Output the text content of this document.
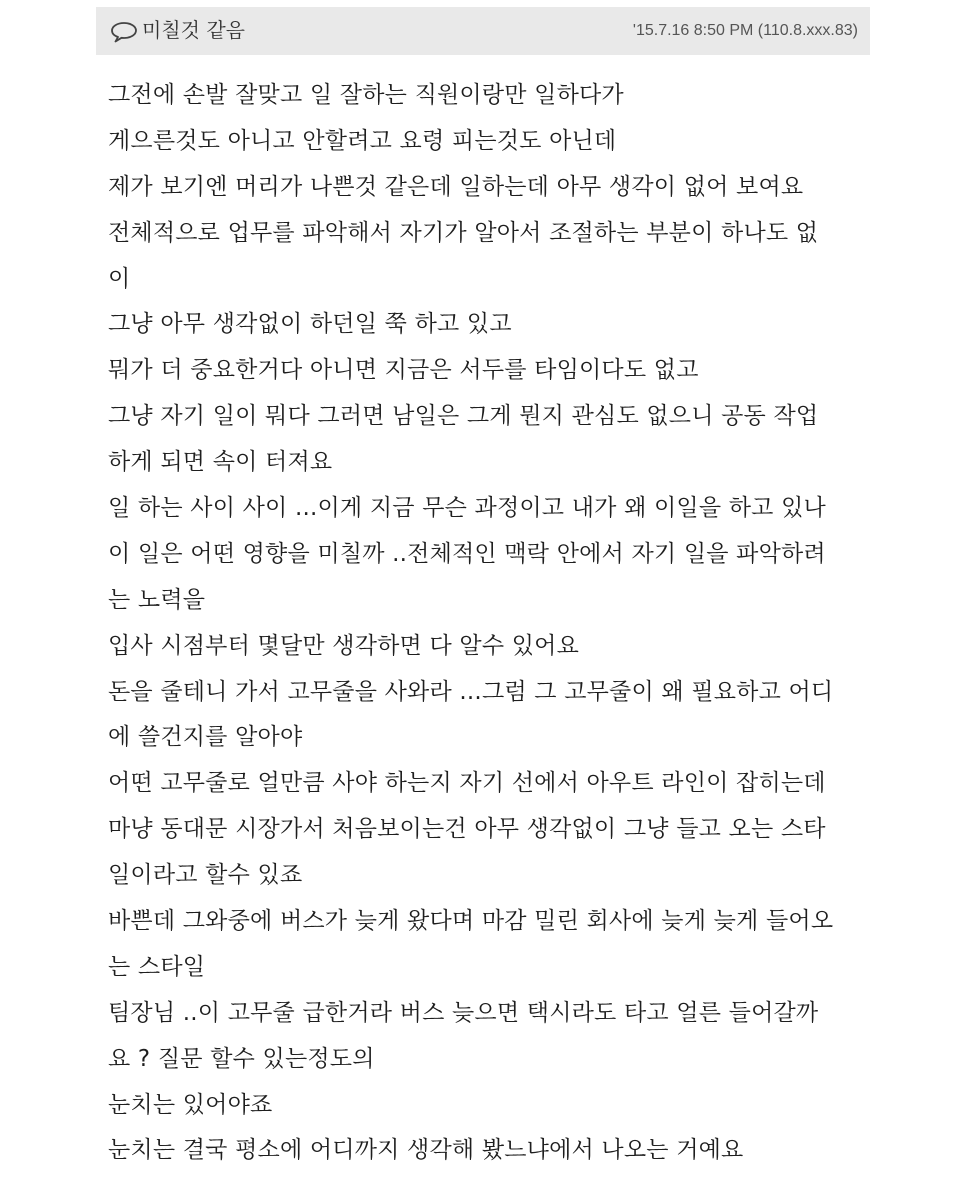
미칠것 같음	'15.7.16 8:50 PM (110.8.xxx.83)
그전에 손발 잘맞고 일 잘하는 직원이랑만 일하다가
게으른것도 아니고 안할려고 요령 피는것도 아닌데
제가 보기엔 머리가 나쁜것 같은데 일하는데 아무 생각이 없어 보여요
전체적으로 업무를 파악해서 자기가 알아서 조절하는 부분이 하나도 없
이
그냥 아무 생각없이 하던일 쭉 하고 있고
뭐가 더 중요한거다 아니면 지금은 서두를 타임이다도 없고
그냥 자기 일이 뭐다 그러면 남일은 그게 뭔지 관심도 없으니 공동 작업
하게 되면 속이 터져요
일 하는 사이 사이 ...이게 지금 무슨 과정이고 내가 왜 이일을 하고 있나
이 일은 어떤 영향을 미칠까 ..전체적인 맥락 안에서 자기 일을 파악하려
는 노력을
입사 시점부터 몇달만 생각하면 다 알수 있어요
돈을 줄테니 가서 고무줄을 사와라 ...그럼 그 고무줄이 왜 필요하고 어디
에 쓸건지를 알아야
어떤 고무줄로 얼만큼 사야 하는지 자기 선에서 아우트 라인이 잡히는데
마냥 동대문 시장가서 처음보이는건 아무 생각없이 그냥 들고 오는 스타
일이라고 할수 있죠
바쁜데 그와중에 버스가 늦게 왔다며 마감 밀린 회사에 늦게 늦게 들어오
는 스타일
팀장님 ..이 고무줄 급한거라 버스 늦으면 택시라도 타고 얼른 들어갈까
요 ? 질문 할수 있는정도의
눈치는 있어야죠
눈치는 결국 평소에 어디까지 생각해 봤느냐에서 나오는 거예요
